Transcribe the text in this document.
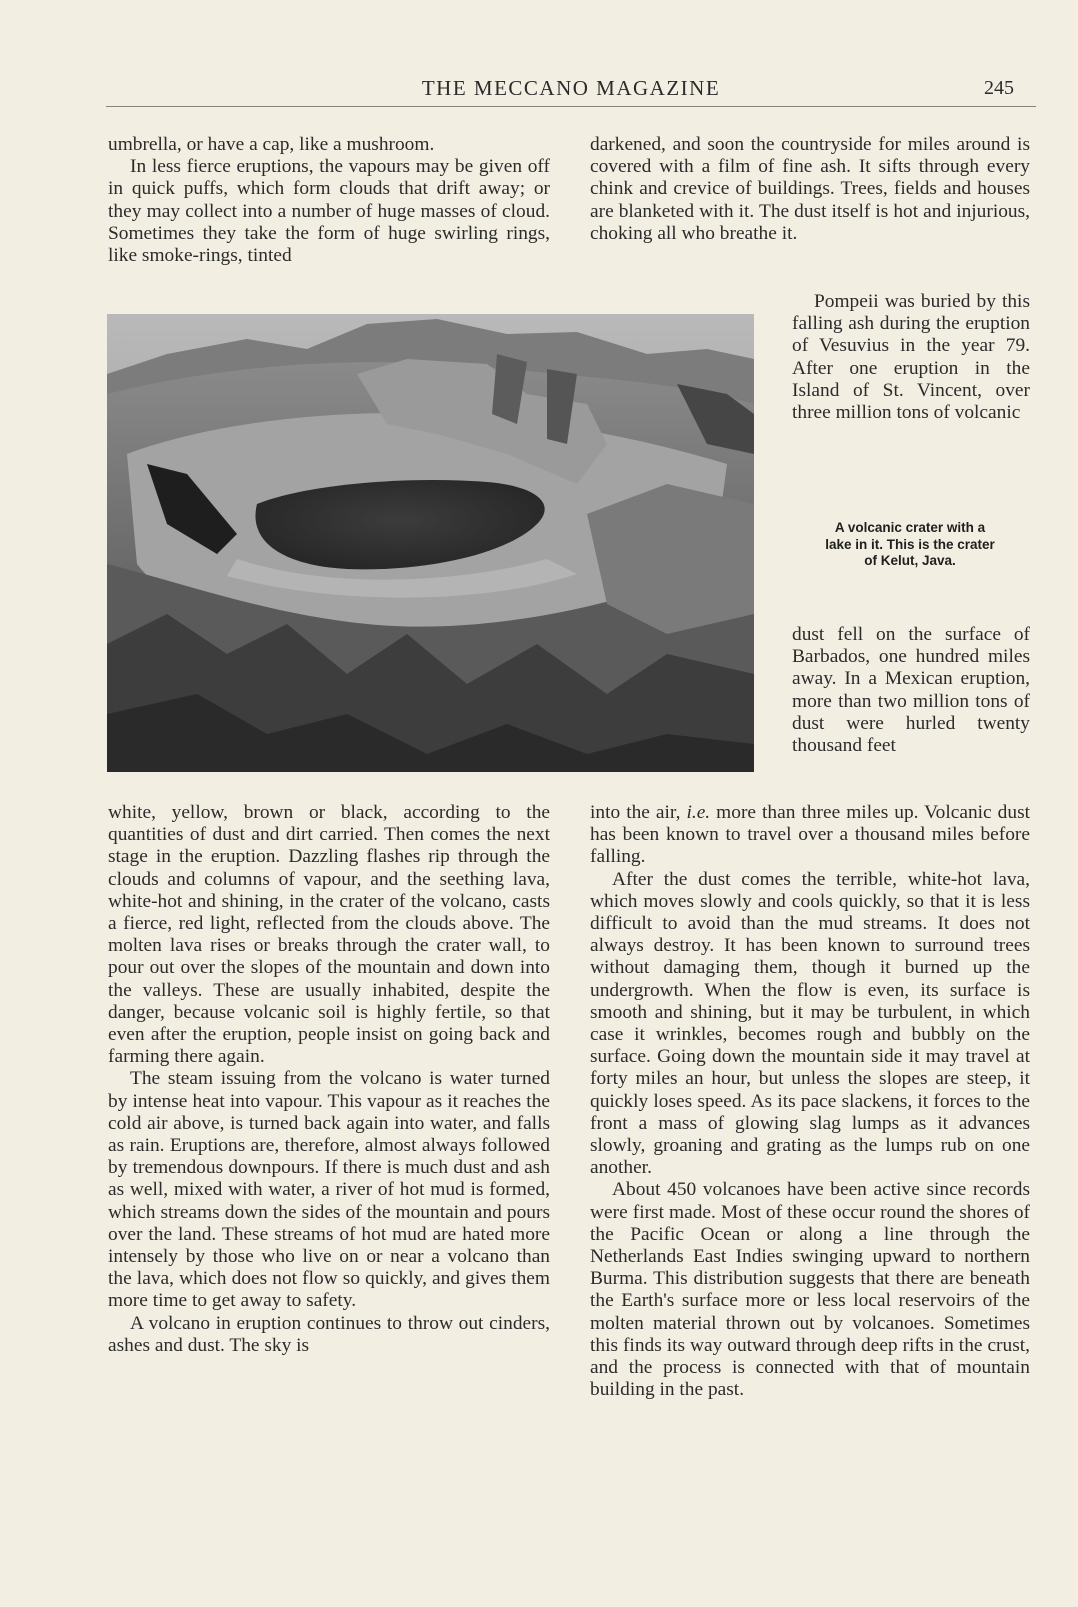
THE MECCANO MAGAZINE	245

umbrella, or have a cap, like a mushroom.

In less fierce eruptions, the vapours may be given off in quick puffs, which form clouds that drift away; or they may collect into a number of huge masses of cloud. Sometimes they take the form of huge swirling rings, like smoke-rings, tinted

darkened, and soon the countryside for miles around is covered with a film of fine ash. It sifts through every chink and crevice of buildings. Trees, fields and houses are blanketed with it. The dust itself is hot and injurious, choking all who breathe it.

Pompeii was buried by this falling ash during the eruption of Vesuvius in the year 79. After one eruption in the Island of St. Vincent, over three million tons of volcanic

A volcanic crater with a
lake in it. This is the crater
of Kelut, Java.

dust fell on the surface of Barbados, one hundred miles away. In a Mexican eruption, more than two million tons of dust were hurled twenty thousand feet

white, yellow, brown or black, according to the quantities of dust and dirt carried. Then comes the next stage in the eruption. Dazzling flashes rip through the clouds and columns of vapour, and the seething lava, white-hot and shining, in the crater of the volcano, casts a fierce, red light, reflected from the clouds above. The molten lava rises or breaks through the crater wall, to pour out over the slopes of the mountain and down into the valleys. These are usually inhabited, despite the danger, because volcanic soil is highly fertile, so that even after the eruption, people insist on going back and farming there again.

The steam issuing from the volcano is water turned by intense heat into vapour. This vapour as it reaches the cold air above, is turned back again into water, and falls as rain. Eruptions are, therefore, almost always followed by tremendous downpours. If there is much dust and ash as well, mixed with water, a river of hot mud is formed, which streams down the sides of the mountain and pours over the land. These streams of hot mud are hated more intensely by those who live on or near a volcano than the lava, which does not flow so quickly, and gives them more time to get away to safety.

A volcano in eruption continues to throw out cinders, ashes and dust. The sky is

into the air, i.e. more than three miles up. Volcanic dust has been known to travel over a thousand miles before falling.

After the dust comes the terrible, white-hot lava, which moves slowly and cools quickly, so that it is less difficult to avoid than the mud streams. It does not always destroy. It has been known to surround trees without damaging them, though it burned up the undergrowth. When the flow is even, its surface is smooth and shining, but it may be turbulent, in which case it wrinkles, becomes rough and bubbly on the surface. Going down the mountain side it may travel at forty miles an hour, but unless the slopes are steep, it quickly loses speed. As its pace slackens, it forces to the front a mass of glowing slag lumps as it advances slowly, groaning and grating as the lumps rub on one another.

About 450 volcanoes have been active since records were first made. Most of these occur round the shores of the Pacific Ocean or along a line through the Netherlands East Indies swinging upward to northern Burma. This distribution suggests that there are beneath the Earth's surface more or less local reservoirs of the molten material thrown out by volcanoes. Sometimes this finds its way outward through deep rifts in the crust, and the process is connected with that of mountain building in the past.
